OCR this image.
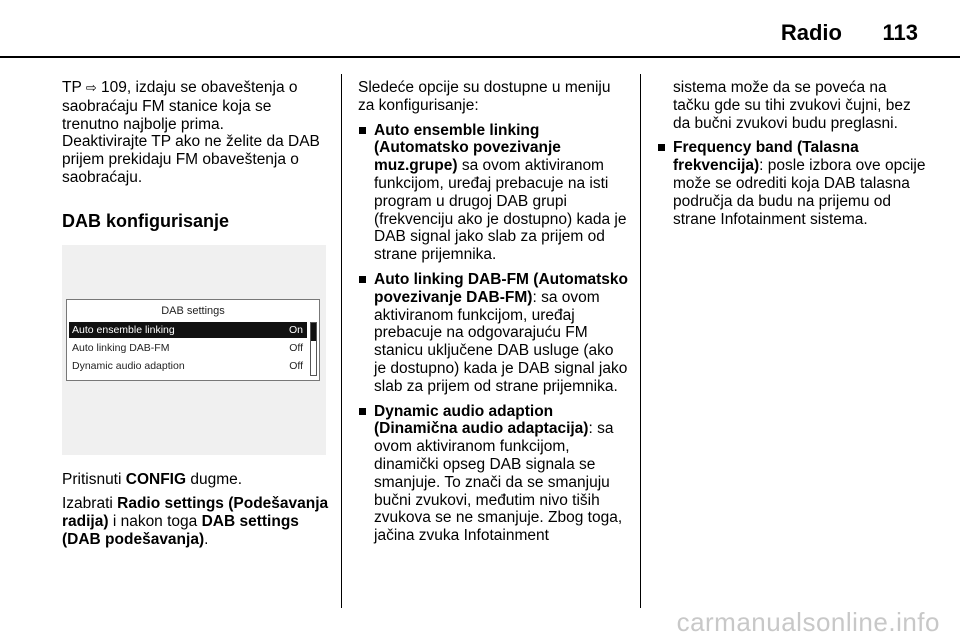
Radio 113

TP ⇨ 109, izdaju se obaveštenja o saobraćaju FM stanice koja se trenutno najbolje prima.

Deaktivirajte TP ako ne želite da DAB prijem prekidaju FM obaveštenja o saobraćaju.

DAB konfigurisanje
DAB settings
Auto ensemble linking	On
Auto linking DAB-FM	Off
Dynamic audio adaption	Off

Pritisnuti CONFIG dugme.

Izabrati Radio settings (Podešavanja radija) i nakon toga DAB settings (DAB podešavanja).

Sledeće opcije su dostupne u meniju za konfigurisanje:

Auto ensemble linking (Automatsko povezivanje muz.grupe) sa ovom aktiviranom funkcijom, uređaj prebacuje na isti program u drugoj DAB grupi (frekvenciju ako je dostupno) kada je DAB signal jako slab za prijem od strane prijemnika.

Auto linking DAB-FM (Automatsko povezivanje DAB-FM): sa ovom aktiviranom funkcijom, uređaj prebacuje na odgovarajuću FM stanicu uključene DAB usluge (ako je dostupno) kada je DAB signal jako slab za prijem od strane prijemnika.

Dynamic audio adaption (Dinamična audio adaptacija): sa ovom aktiviranom funkcijom, dinamički opseg DAB signala se smanjuje. To znači da se smanjuju bučni zvukovi, međutim nivo tiših zvukova se ne smanjuje. Zbog toga, jačina zvuka Infotainment

sistema može da se poveća na tačku gde su tihi zvukovi čujni, bez da bučni zvukovi budu preglasni.

Frequency band (Talasna frekvencija): posle izbora ove opcije može se odrediti koja DAB talasna područja da budu na prijemu od strane Infotainment sistema.

carmanualsonline.info
